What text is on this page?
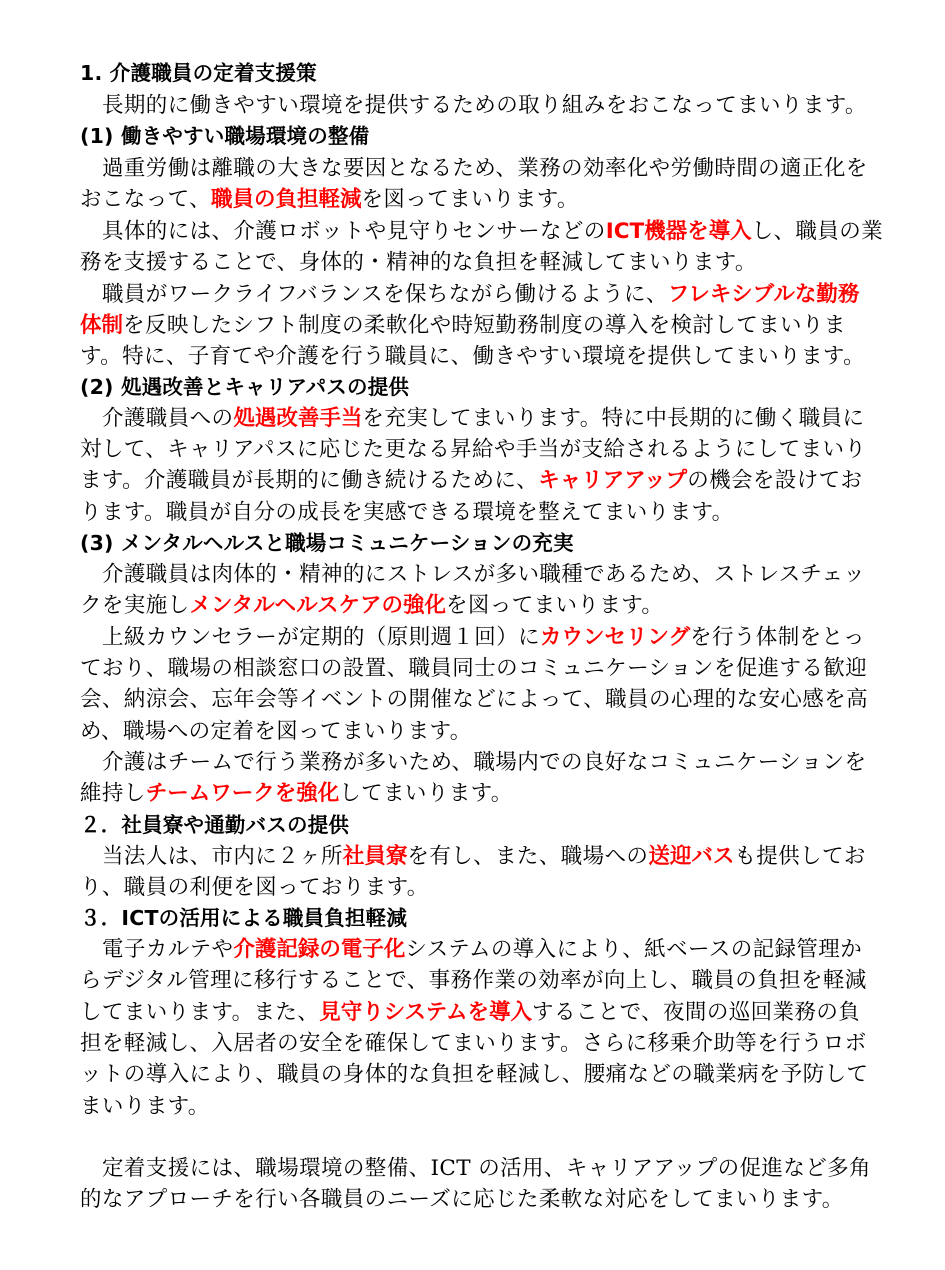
1. 介護職員の定着支援策
長期的に働きやすい環境を提供するための取り組みをおこなってまいります。
(1) 働きやすい職場環境の整備
過重労働は離職の大きな要因となるため、業務の効率化や労働時間の適正化を
おこなって、職員の負担軽減を図ってまいります。
具体的には、介護ロボットや見守りセンサーなどのICT機器を導入し、職員の業
務を支援することで、身体的・精神的な負担を軽減してまいります。
職員がワークライフバランスを保ちながら働けるように、フレキシブルな勤務
体制を反映したシフト制度の柔軟化や時短勤務制度の導入を検討してまいりま
す。特に、子育てや介護を行う職員に、働きやすい環境を提供してまいります。
(2) 処遇改善とキャリアパスの提供
介護職員への処遇改善手当を充実してまいります。特に中長期的に働く職員に
対して、キャリアパスに応じた更なる昇給や手当が支給されるようにしてまいり
ます。介護職員が長期的に働き続けるために、キャリアアップの機会を設けてお
ります。職員が自分の成長を実感できる環境を整えてまいります。
(3) メンタルヘルスと職場コミュニケーションの充実
介護職員は肉体的・精神的にストレスが多い職種であるため、ストレスチェッ
クを実施しメンタルヘルスケアの強化を図ってまいります。
上級カウンセラーが定期的（原則週１回）にカウンセリングを行う体制をとっ
ており、職場の相談窓口の設置、職員同士のコミュニケーションを促進する歓迎
会、納涼会、忘年会等イベントの開催などによって、職員の心理的な安心感を高
め、職場への定着を図ってまいります。
介護はチームで行う業務が多いため、職場内での良好なコミュニケーションを
維持しチームワークを強化してまいります。
２．社員寮や通勤バスの提供
当法人は、市内に２ヶ所社員寮を有し、また、職場への送迎バスも提供してお
り、職員の利便を図っております。
３．ICTの活用による職員負担軽減
電子カルテや介護記録の電子化システムの導入により、紙ベースの記録管理か
らデジタル管理に移行することで、事務作業の効率が向上し、職員の負担を軽減
してまいります。また、見守りシステムを導入することで、夜間の巡回業務の負
担を軽減し、入居者の安全を確保してまいります。さらに移乗介助等を行うロボ
ットの導入により、職員の身体的な負担を軽減し、腰痛などの職業病を予防して
まいります。
定着支援には、職場環境の整備、ICT の活用、キャリアアップの促進など多角
的なアプローチを行い各職員のニーズに応じた柔軟な対応をしてまいります。
